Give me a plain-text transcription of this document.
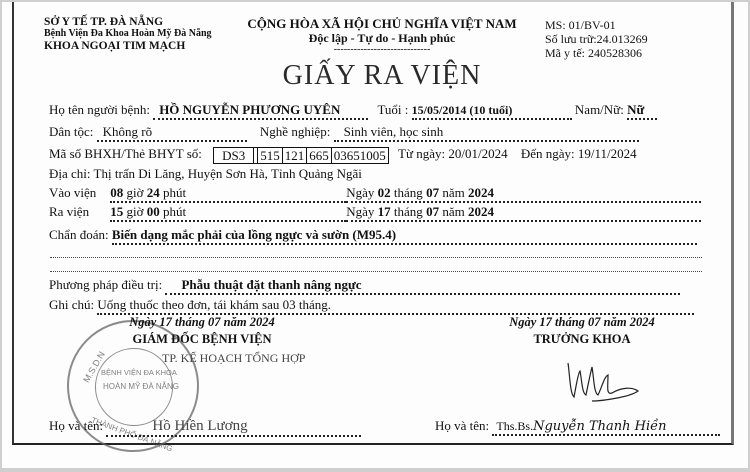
SỞ Y TẾ TP. ĐÀ NẴNG
Bệnh Viện Đa Khoa Hoàn Mỹ Đà Nẵng
KHOA NGOẠI TIM MẠCH
CỘNG HÒA XÃ HỘI CHỦ NGHĨA VIỆT NAM
Độc lập - Tự do - Hạnh phúc
-----------------------------
MS: 01/BV-01
Số lưu trữ:24.013269
Mã y tế: 240528306
GIẤY RA VIỆN
Họ tên người bệnh: HỒ NGUYỄN PHƯƠNG UYÊN	Tuổi : 15/05/2014 (10 tuổi)	Nam/Nữ: Nữ
Dân tộc: Không rõ	Nghề nghiệp: Sinh viên, học sinh
Mã số BHXH/Thẻ BHYT số:	DS3	515 121 665 03651005 Từ ngày: 20/01/2024 Đến ngày: 19/11/2024
Địa chỉ: Thị trấn Di Lăng, Huyện Sơn Hà, Tỉnh Quảng Ngãi
Vào viện 08 giờ 24 phút	Ngày 02 tháng 07 năm 2024
Ra viện 15 giờ 00 phút	Ngày 17 tháng 07 năm 2024
Chẩn đoán: Biến dạng mắc phải của lồng ngực và sườn (M95.4)
Phương pháp điều trị: Phẫu thuật đặt thanh nâng ngực
Ghi chú: Uống thuốc theo đơn, tái khám sau 03 tháng.
M.S.D.N
BỆNH VIỆN ĐA KHOA
HOÀN MỸ ĐÀ NẴNG
THÀNH PHỐ ĐÀ NẴNG
Ngày 17 tháng 07 năm 2024
GIÁM ĐỐC BỆNH VIỆN
TP. KẾ HOẠCH TỔNG HỢP
Họ và tên:	Hồ Hiền Lương
Ngày 17 tháng 07 năm 2024
TRƯỞNG KHOA
Họ và tên: Ths.Bs.Nguyễn Thanh Hiền
